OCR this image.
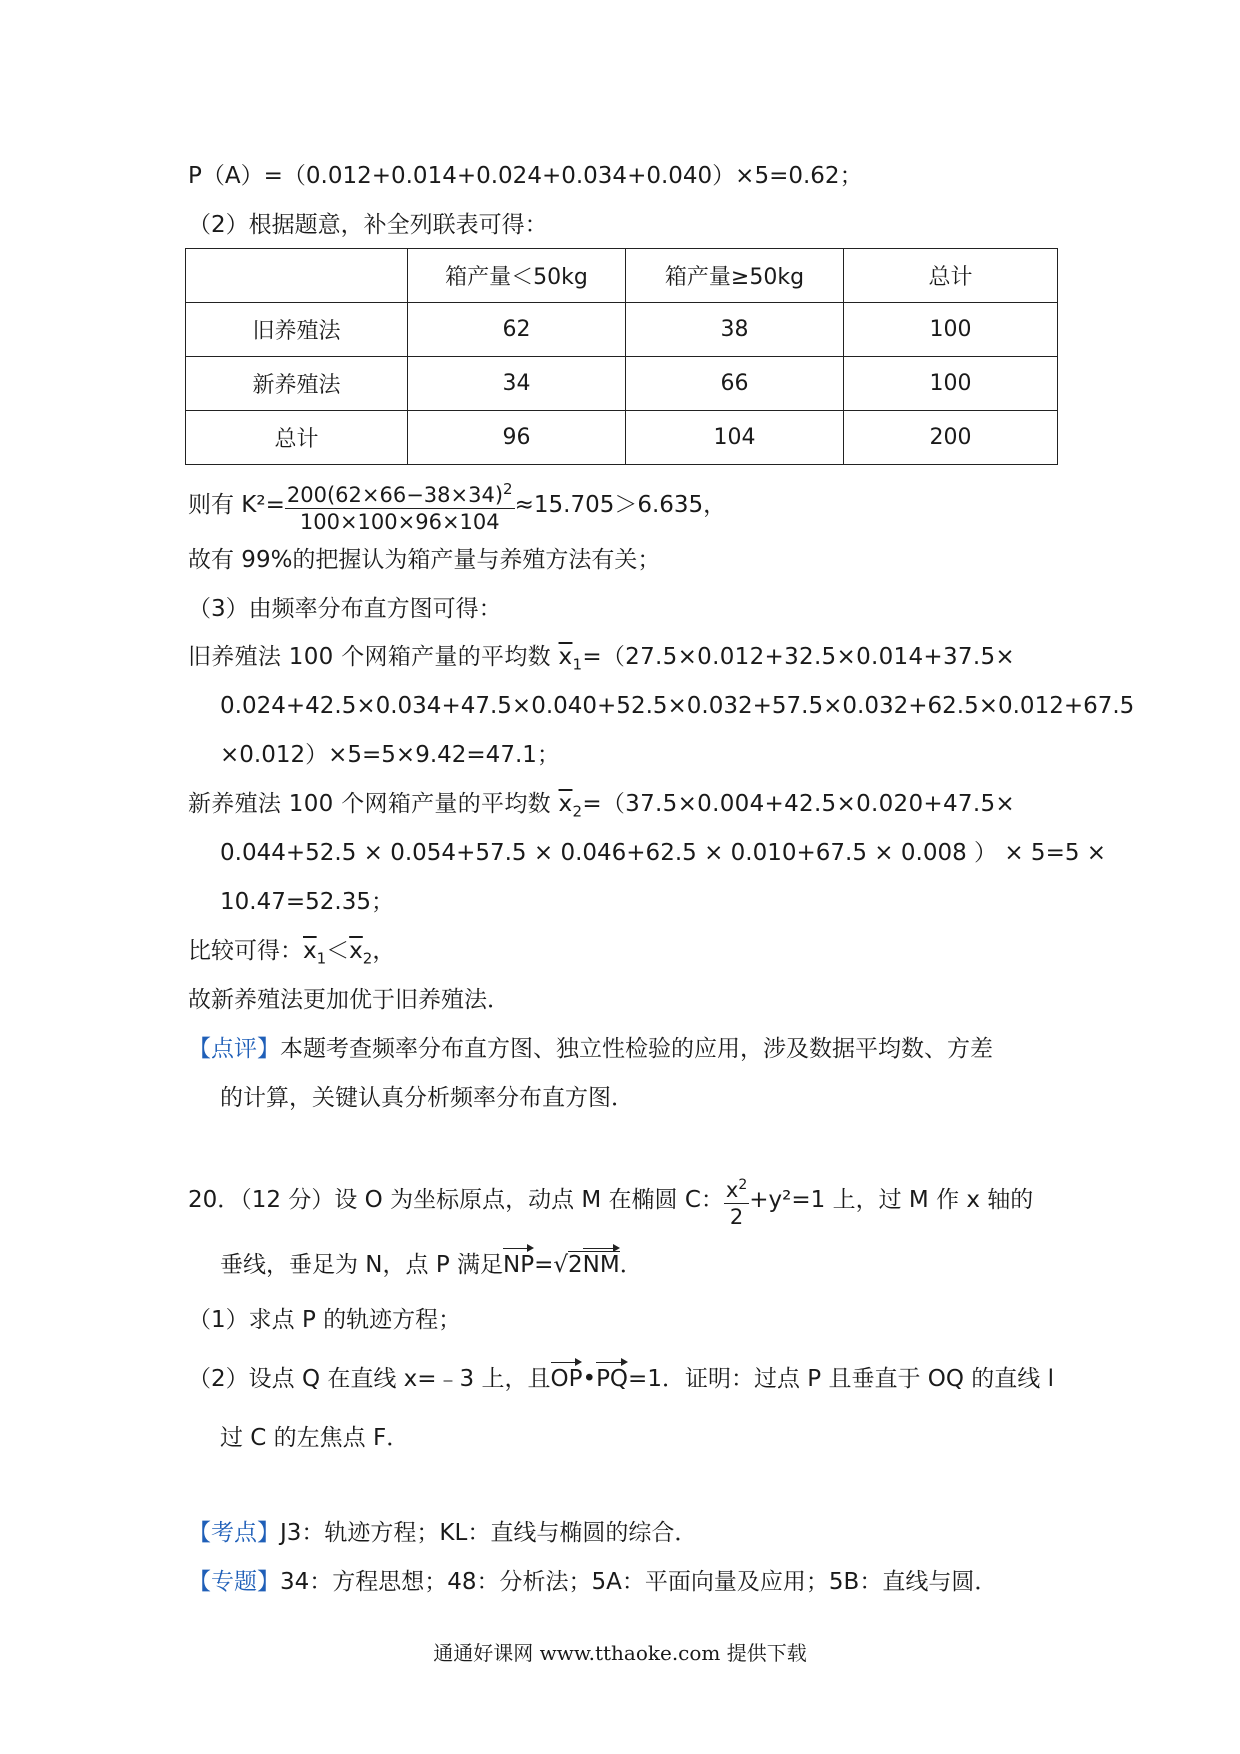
P（A）=（0.012+0.014+0.024+0.034+0.040）×5=0.62；
（2）根据题意，补全列联表可得：
	箱产量＜50kg	箱产量≥50kg	总计
旧养殖法	62	38	100
新养殖法	34	66	100
总计	96	104	200
则有 $K^2= \frac{200(62\times 66-38\times 34)^2}{100\times 100\times 96\times 104} \approx 15.705>6.635$，
故有 99%的把握认为箱产量与养殖方法有关；
（3）由频率分布直方图可得：
旧养殖法 100 个网箱产量的平均数 $\overline{x}_1=(27.5\times 0.012+32.5\times 0.014+37.5\times$
0.024+42.5×0.034+47.5×0.040+52.5×0.032+57.5×0.032+62.5×0.012+67.5
×0.012）×5=5×9.42=47.1；
新养殖法 100 个网箱产量的平均数 $\overline{x}_2=(37.5\times 0.004+42.5\times 0.020+47.5\times$
0.044+52.5 × 0.054+57.5 × 0.046+62.5 × 0.010+67.5 × 0.008 ） × 5=5 ×
10.47=52.35；
比较可得：$\overline{x}_1<\overline{x}_2$，
故新养殖法更加优于旧养殖法．
【点评】本题考查频率分布直方图、独立性检验的应用，涉及数据平均数、方差
的计算，关键认真分析频率分布直方图．
20．（12 分）设 O 为坐标原点，动点 M 在椭圆 C： $\frac{x^2}{2} +y^2=1$ 上，过 M 作 x 轴的
垂线，垂足为 N，点 P 满足NP=√2NM．
（1）求点 P 的轨迹方程；
（2）设点 Q 在直线 x=﹣3 上，且OP•PQ=1．证明：过点 P 且垂直于 OQ 的直线 l
过 C 的左焦点 F．
【考点】J3：轨迹方程；KL：直线与椭圆的综合．
【专题】34：方程思想；48：分析法；5A：平面向量及应用；5B：直线与圆．
通通好课网 www.tthaoke.com 提供下载
